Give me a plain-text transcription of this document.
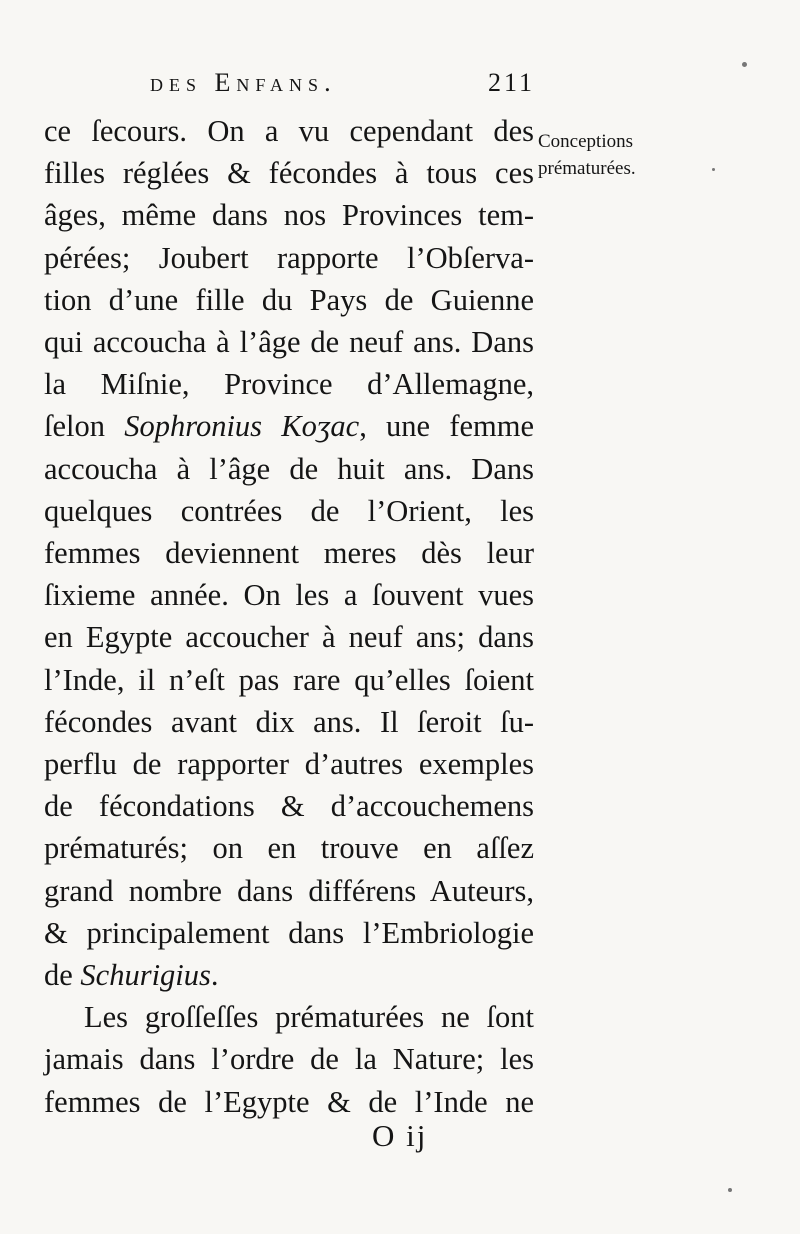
des Enfans.	211
Conceptions
prématurées.
ce ſecours. On a vu cependant des
filles réglées & fécondes à tous ces
âges, même dans nos Provinces tem-
pérées; Joubert rapporte l’Obſerva-
tion d’une fille du Pays de Guienne
qui accoucha à l’âge de neuf ans. Dans
la Miſnie, Province d’Allemagne,
ſelon Sophronius Koʒac, une femme
accoucha à l’âge de huit ans. Dans
quelques contrées de l’Orient, les
femmes deviennent meres dès leur
ſixieme année. On les a ſouvent vues
en Egypte accoucher à neuf ans; dans
l’Inde, il n’eſt pas rare qu’elles ſoient
fécondes avant dix ans. Il ſeroit ſu-
perflu de rapporter d’autres exemples
de fécondations & d’accouchemens
prématurés; on en trouve en aſſez
grand nombre dans différens Auteurs,
& principalement dans l’Embriologie
de Schurigius.
Les groſſeſſes prématurées ne ſont
jamais dans l’ordre de la Nature; les
femmes de l’Egypte & de l’Inde ne
O ij
